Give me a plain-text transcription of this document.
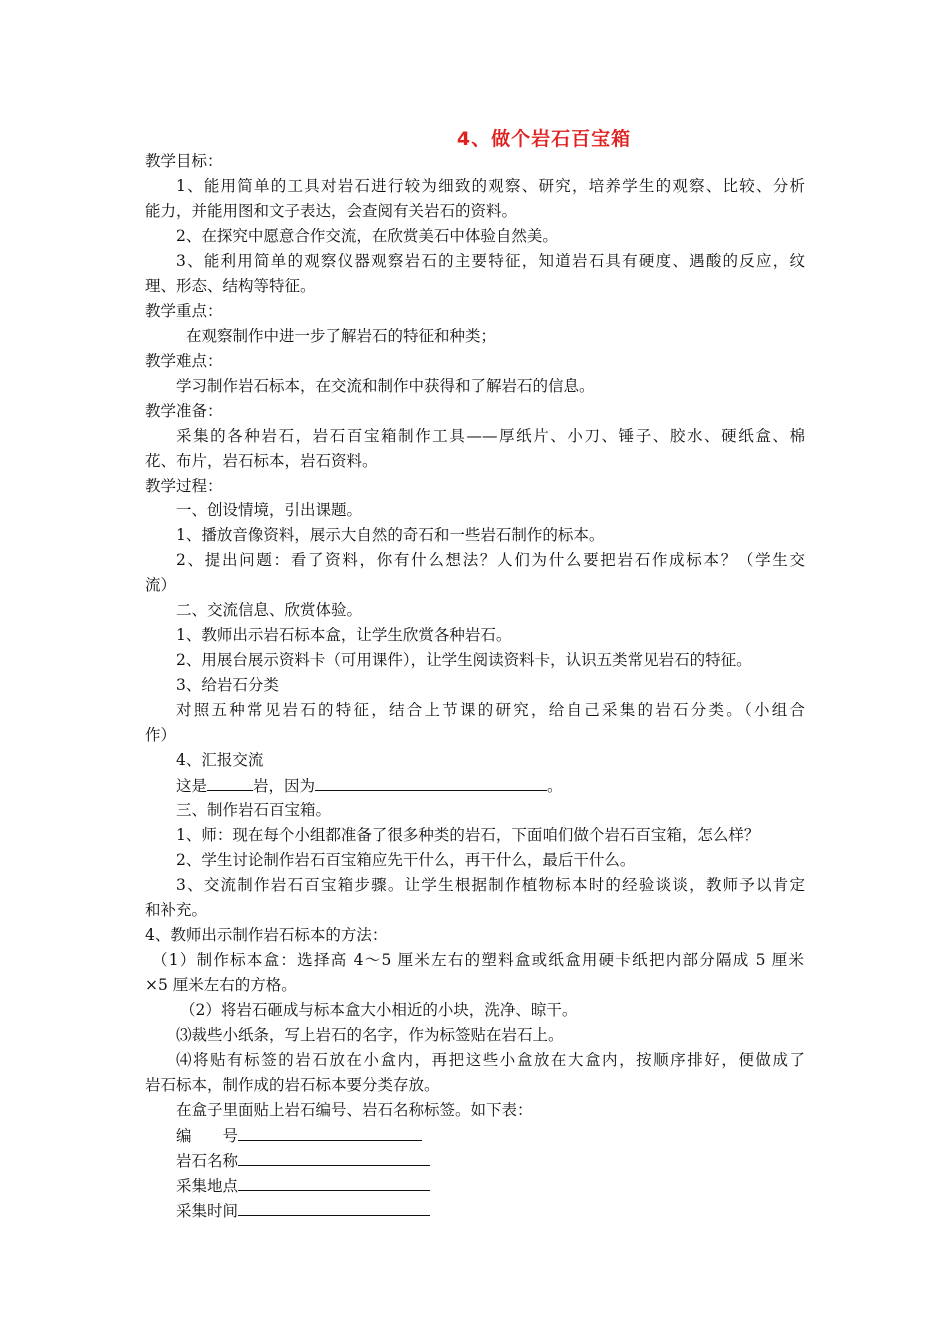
4、做个岩石百宝箱
教学目标：
1、能用简单的工具对岩石进行较为细致的观察、研究，培养学生的观察、比较、分析
能力，并能用图和文子表达，会查阅有关岩石的资料。
2、在探究中愿意合作交流，在欣赏美石中体验自然美。
3、能利用简单的观察仪器观察岩石的主要特征，知道岩石具有硬度、遇酸的反应，纹
理、形态、结构等特征。
教学重点：
在观察制作中进一步了解岩石的特征和种类；
教学难点：
学习制作岩石标本，在交流和制作中获得和了解岩石的信息。
教学准备：
采集的各种岩石，岩石百宝箱制作工具——厚纸片、小刀、锤子、胶水、硬纸盒、棉
花、布片，岩石标本，岩石资料。
教学过程：
一、创设情境，引出课题。
1、播放音像资料，展示大自然的奇石和一些岩石制作的标本。
2、提出问题：看了资料，你有什么想法？人们为什么要把岩石作成标本？（学生交
流）
二、交流信息、欣赏体验。
1、教师出示岩石标本盒，让学生欣赏各种岩石。
2、用展台展示资料卡（可用课件），让学生阅读资料卡，认识五类常见岩石的特征。
3、给岩石分类
对照五种常见岩石的特征，结合上节课的研究，给自己采集的岩石分类。（小组合
作）
4、汇报交流
这是	岩，因为	。
三、制作岩石百宝箱。
1、师：现在每个小组都准备了很多种类的岩石，下面咱们做个岩石百宝箱，怎么样？
2、学生讨论制作岩石百宝箱应先干什么，再干什么，最后干什么。
3、交流制作岩石百宝箱步骤。让学生根据制作植物标本时的经验谈谈，教师予以肯定
和补充。
4、教师出示制作岩石标本的方法：
（1）制作标本盒：选择高 4～5 厘米左右的塑料盒或纸盒用硬卡纸把内部分隔成 5 厘米
×5 厘米左右的方格。
（2）将岩石砸成与标本盒大小相近的小块，洗净、晾干。
⑶裁些小纸条，写上岩石的名字，作为标签贴在岩石上。
⑷将贴有标签的岩石放在小盒内，再把这些小盒放在大盒内，按顺序排好，便做成了
岩石标本，制作成的岩石标本要分类存放。
在盒子里面贴上岩石编号、岩石名称标签。如下表：
编　　号
岩石名称
采集地点
采集时间
